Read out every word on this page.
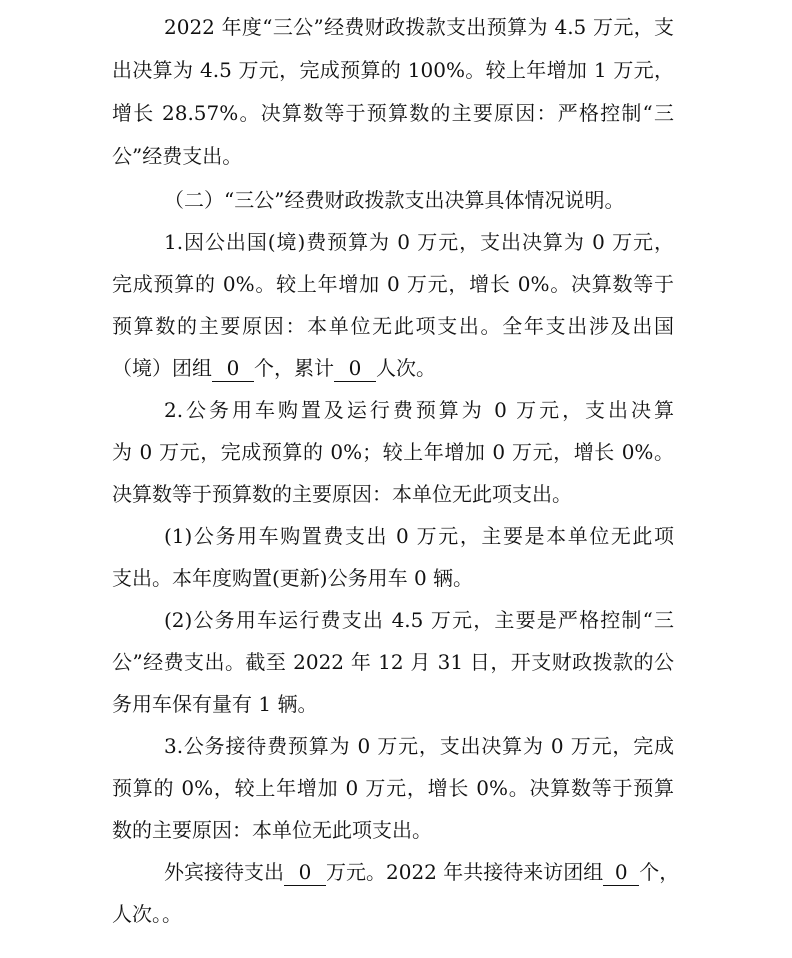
2022 年度“三公”经费财政拨款支出预算为 4.5 万元，支
出决算为 4.5 万元，完成预算的 100%。较上年增加 1 万元，
增长 28.57%。决算数等于预算数的主要原因：严格控制“三
公”经费支出。
（二）“三公”经费财政拨款支出决算具体情况说明。
1.因公出国(境)费预算为 0 万元，支出决算为 0 万元，
完成预算的 0%。较上年增加 0 万元，增长 0%。决算数等于
预算数的主要原因：本单位无此项支出。全年支出涉及出国
（境）团组 0 个，累计 0 人次。
2.公务用车购置及运行费预算为 0 万元，支出决算
为 0 万元，完成预算的 0%；较上年增加 0 万元，增长 0%。
决算数等于预算数的主要原因：本单位无此项支出。
(1)公务用车购置费支出 0 万元，主要是本单位无此项
支出。本年度购置(更新)公务用车 0 辆。
(2)公务用车运行费支出 4.5 万元，主要是严格控制“三
公”经费支出。截至 2022 年 12 月 31 日，开支财政拨款的公
务用车保有量有 1 辆。
3.公务接待费预算为 0 万元，支出决算为 0 万元，完成
预算的 0%，较上年增加 0 万元，增长 0%。决算数等于预算
数的主要原因：本单位无此项支出。
外宾接待支出 0 万元。2022 年共接待来访团组 0 个，
人次。。
